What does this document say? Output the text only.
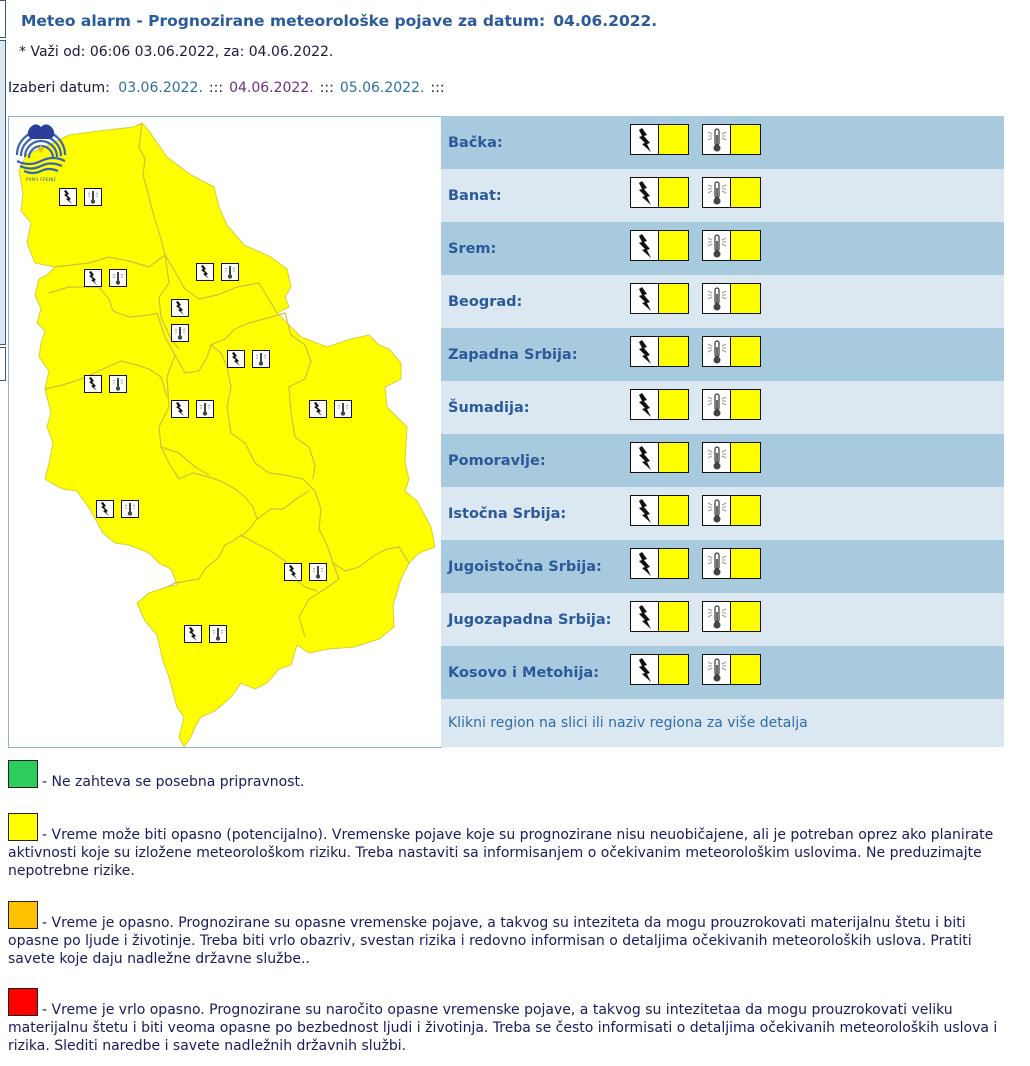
Meteo alarm - Prognozirane meteorološke pojave za datum: 04.06.2022.
* Važi od: 06:06 03.06.2022, za: 04.06.2022.
Izaberi datum: 03.06.2022. ::: 04.06.2022. ::: 05.06.2022. :::
РХМЗ СРБИЈЕ
Bačka:
Banat:
Srem:
Beograd:
Zapadna Srbija:
Šumadija:
Pomoravlje:
Istočna Srbija:
Jugoistočna Srbija:
Jugozapadna Srbija:
Kosovo i Metohija:
Klikni region na slici ili naziv regiona za više detalja
- Ne zahteva se posebna pripravnost.
- Vreme može biti opasno (potencijalno). Vremenske pojave koje su prognozirane nisu neuobičajene, ali je potreban oprez ako planirate aktivnosti koje su izložene meteorološkom riziku. Treba nastaviti sa informisanjem o očekivanim meteorološkim uslovima. Ne preduzimajte nepotrebne rizike.
- Vreme je opasno. Prognozirane su opasne vremenske pojave, a takvog su inteziteta da mogu prouzrokovati materijalnu štetu i biti opasne po ljude i životinje. Treba biti vrlo obazriv, svestan rizika i redovno informisan o detaljima očekivanih meteoroloških uslova. Pratiti savete koje daju nadležne državne službe..
- Vreme je vrlo opasno. Prognozirane su naročito opasne vremenske pojave, a takvog su intezitetaa da mogu prouzrokovati veliku materijalnu štetu i biti veoma opasne po bezbednost ljudi i životinja. Treba se često informisati o detaljima očekivanih meteoroloških uslova i rizika. Slediti naredbe i savete nadležnih državnih službi.
